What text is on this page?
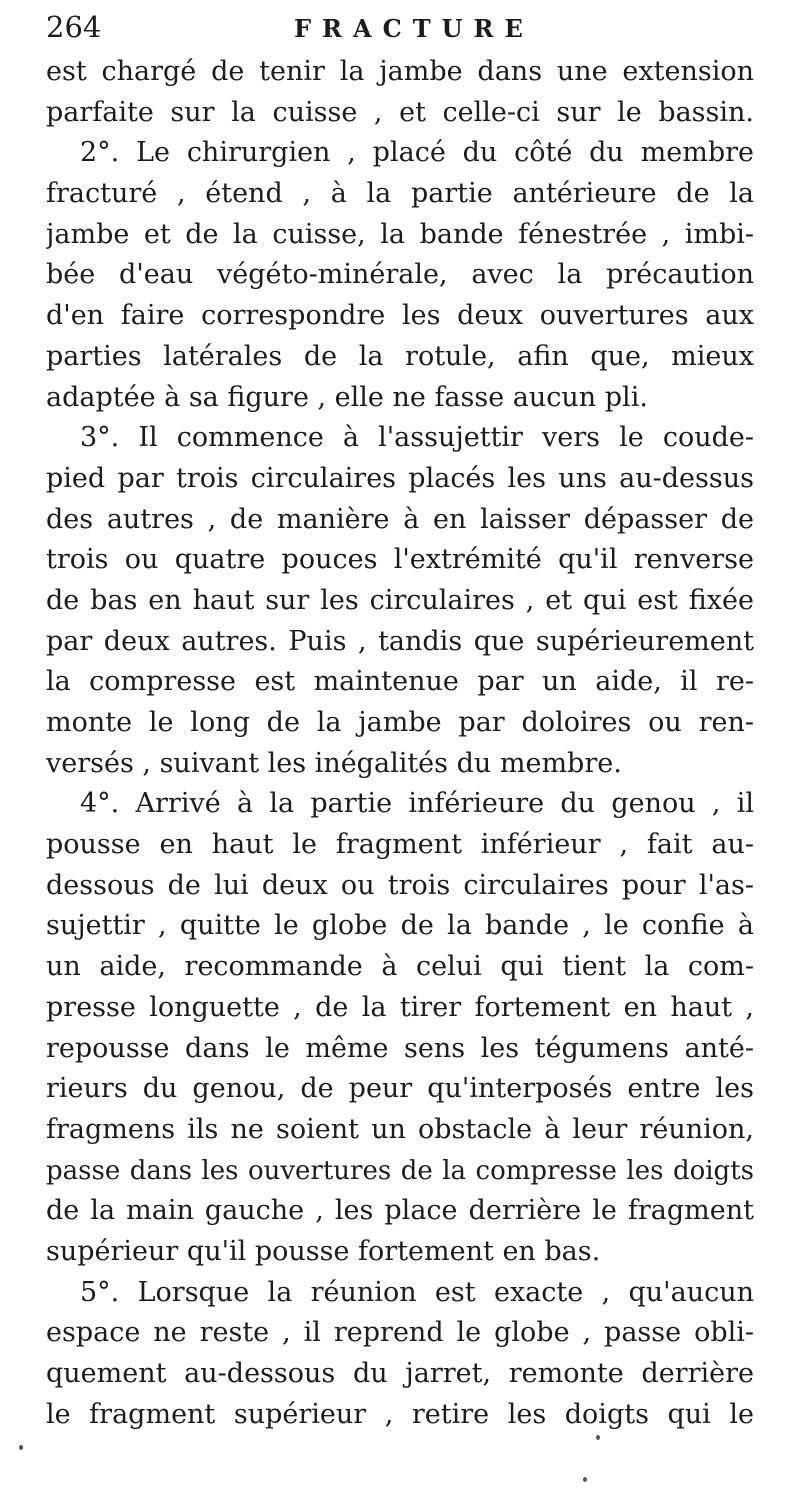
264	FRACTURE
est chargé de tenir la jambe dans une extension
parfaite sur la cuisse , et celle-ci sur le bassin.
2°. Le chirurgien , placé du côté du membre
fracturé , étend , à la partie antérieure de la
jambe et de la cuisse, la bande fénestrée , imbi-
bée d'eau végéto-minérale, avec la précaution
d'en faire correspondre les deux ouvertures aux
parties latérales de la rotule, afin que, mieux
adaptée à sa figure , elle ne fasse aucun pli.
3°. Il commence à l'assujettir vers le coude-
pied par trois circulaires placés les uns au-dessus
des autres , de manière à en laisser dépasser de
trois ou quatre pouces l'extrémité qu'il renverse
de bas en haut sur les circulaires , et qui est fixée
par deux autres. Puis , tandis que supérieurement
la compresse est maintenue par un aide, il re-
monte le long de la jambe par doloires ou ren-
versés , suivant les inégalités du membre.
4°. Arrivé à la partie inférieure du genou , il
pousse en haut le fragment inférieur , fait au-
dessous de lui deux ou trois circulaires pour l'as-
sujettir , quitte le globe de la bande , le confie à
un aide, recommande à celui qui tient la com-
presse longuette , de la tirer fortement en haut ,
repousse dans le même sens les tégumens anté-
rieurs du genou, de peur qu'interposés entre les
fragmens ils ne soient un obstacle à leur réunion,
passe dans les ouvertures de la compresse les doigts
de la main gauche , les place derrière le fragment
supérieur qu'il pousse fortement en bas.
5°. Lorsque la réunion est exacte , qu'aucun
espace ne reste , il reprend le globe , passe obli-
quement au-dessous du jarret, remonte derrière
le fragment supérieur , retire les doigts qui le
